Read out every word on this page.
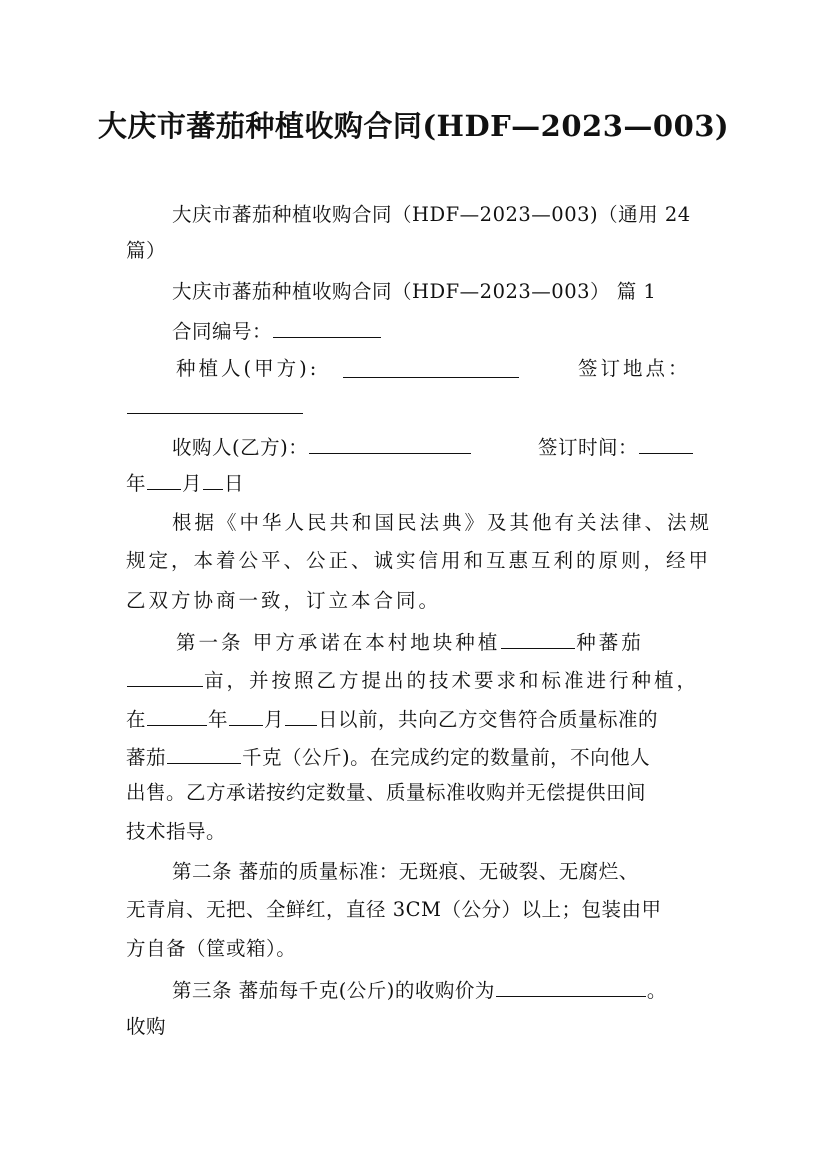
大庆市蕃茄种植收购合同(HDF—2023—003)
大庆市蕃茄种植收购合同（HDF—2023—003)（通用 24
篇）
大庆市蕃茄种植收购合同（HDF—2023—003） 篇 1
合同编号：
种植人(甲方):	签订地点：
收购人(乙方)：	签订时间：
年 月 日
根据《中华人民共和国民法典》及其他有关法律、法规
规定，本着公平、公正、诚实信用和互惠互利的原则，经甲
乙双方协商一致，订立本合同。
第一条 甲方承诺在本村地块种植	种蕃茄
亩，并按照乙方提出的技术要求和标准进行种植，
在	年 月 日以前，共向乙方交售符合质量标准的
蕃茄	千克（公斤)。在完成约定的数量前，不向他人
出售。乙方承诺按约定数量、质量标准收购并无偿提供田间
技术指导。
第二条 蕃茄的质量标准：无斑痕、无破裂、无腐烂、
无青肩、无把、全鲜红，直径 3CM（公分）以上；包装由甲
方自备（筐或箱）。
第三条 蕃茄每千克(公斤)的收购价为	。
收购
